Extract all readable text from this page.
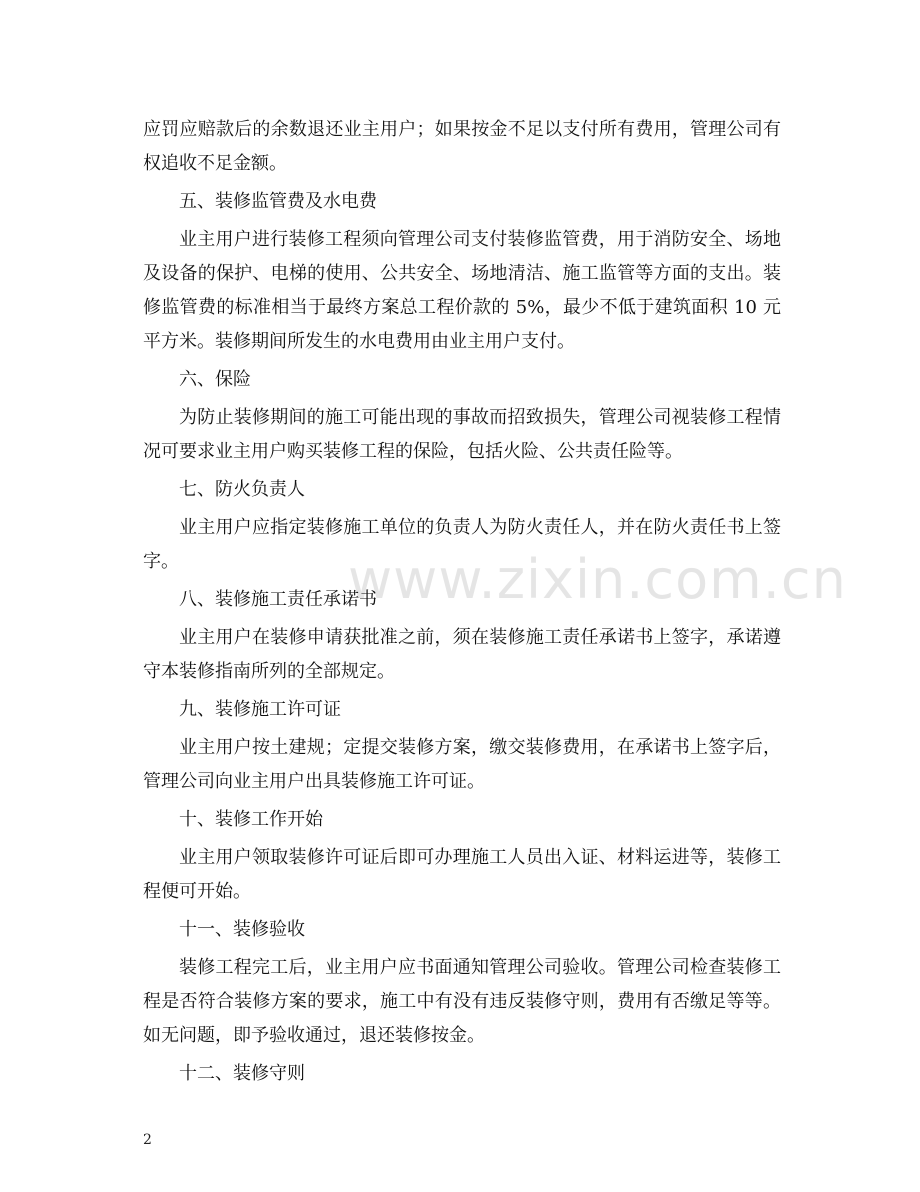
应罚应赔款后的余数退还业主用户；如果按金不足以支付所有费用，管理公司有权追收不足金额。

五、装修监管费及水电费

业主用户进行装修工程须向管理公司支付装修监管费，用于消防安全、场地及设备的保护、电梯的使用、公共安全、场地清洁、施工监管等方面的支出。装修监管费的标准相当于最终方案总工程价款的 5%，最少不低于建筑面积 10 元平方米。装修期间所发生的水电费用由业主用户支付。

六、保险

为防止装修期间的施工可能出现的事故而招致损失，管理公司视装修工程情况可要求业主用户购买装修工程的保险，包括火险、公共责任险等。

七、防火负责人

业主用户应指定装修施工单位的负责人为防火责任人，并在防火责任书上签字。

八、装修施工责任承诺书

业主用户在装修申请获批准之前，须在装修施工责任承诺书上签字，承诺遵守本装修指南所列的全部规定。

九、装修施工许可证

业主用户按土建规；定提交装修方案，缴交装修费用，在承诺书上签字后，管理公司向业主用户出具装修施工许可证。

十、装修工作开始

业主用户领取装修许可证后即可办理施工人员出入证、材料运进等，装修工程便可开始。

十一、装修验收

装修工程完工后，业主用户应书面通知管理公司验收。管理公司检查装修工程是否符合装修方案的要求，施工中有没有违反装修守则，费用有否缴足等等。如无问题，即予验收通过，退还装修按金。

十二、装修守则

www.zixin.com.cn
2
